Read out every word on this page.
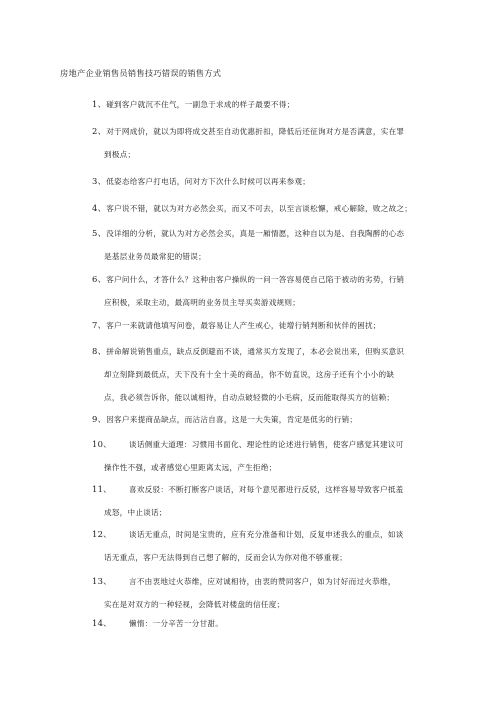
房地产企业销售员销售技巧错误的销售方式
1、碰到客户就沉不住气，一副急于求成的样子最要不得；
2、对于网成价，就以为即将成交甚至自动优惠折扣，降低后还征询对方是否满意，实在罪
到极点；
3、低姿态给客户打电话，问对方下次什么时候可以再来参观；
4、客户说不错，就以为对方必然会买，而又不可去，以至言谈松懈，戒心解除，败之故之；
5、没详细的分析，就认为对方必然会买，真是一厢情愿，这种自以为是、自我陶醉的心态
是基层业务员最常犯的错误；
6、客户问什么，才答什么？这种由客户操纵的一问一答容易使自己陷于被动的劣势，行销
应积极，采取主动，最高明的业务员主导买卖游戏规则；
7、客户一来就请他填写问卷，最容易让人产生戒心，徒增行销判断和伙伴的困扰；
8、拼命解说销售重点，缺点反倒避而不谈，通常买方发现了，本必会说出来，但购买意识
却立刻降到最低点，天下没有十全十美的商品，你不妨直说，这房子还有个小小的缺
点，我必须告诉你，能以诚相待，自动点破轻微的小毛病，反而能取得买方的信赖；
9、因客户来提商品缺点，而沾沾自喜，这是一大失策，肯定是低劣的行销；
10、 谈话侧重大道理：习惯用书面化、理论性的论述进行销售，使客户感觉其建议可
操作性不强，或者感觉心里距离太远，产生拒绝；
11、 喜欢反驳：不断打断客户谈话，对每个意见都进行反驳，这样容易导致客户抵羞
成怒，中止谈话；
12、 谈话无重点，时间是宝贵的，应有充分准备和计划，反复申述我么的重点，如谈
话无重点，客户无法得到自己想了解的，反而会认为你对他不够重视；
13、 言不由衷地过火恭维，应对诚相待，由衷的赞同客户，如为讨好而过火恭维，
实在是对双方的一种轻视，会降低对楼盘的信任度；
14、 懒惰：一分辛苦一分甘甜。
